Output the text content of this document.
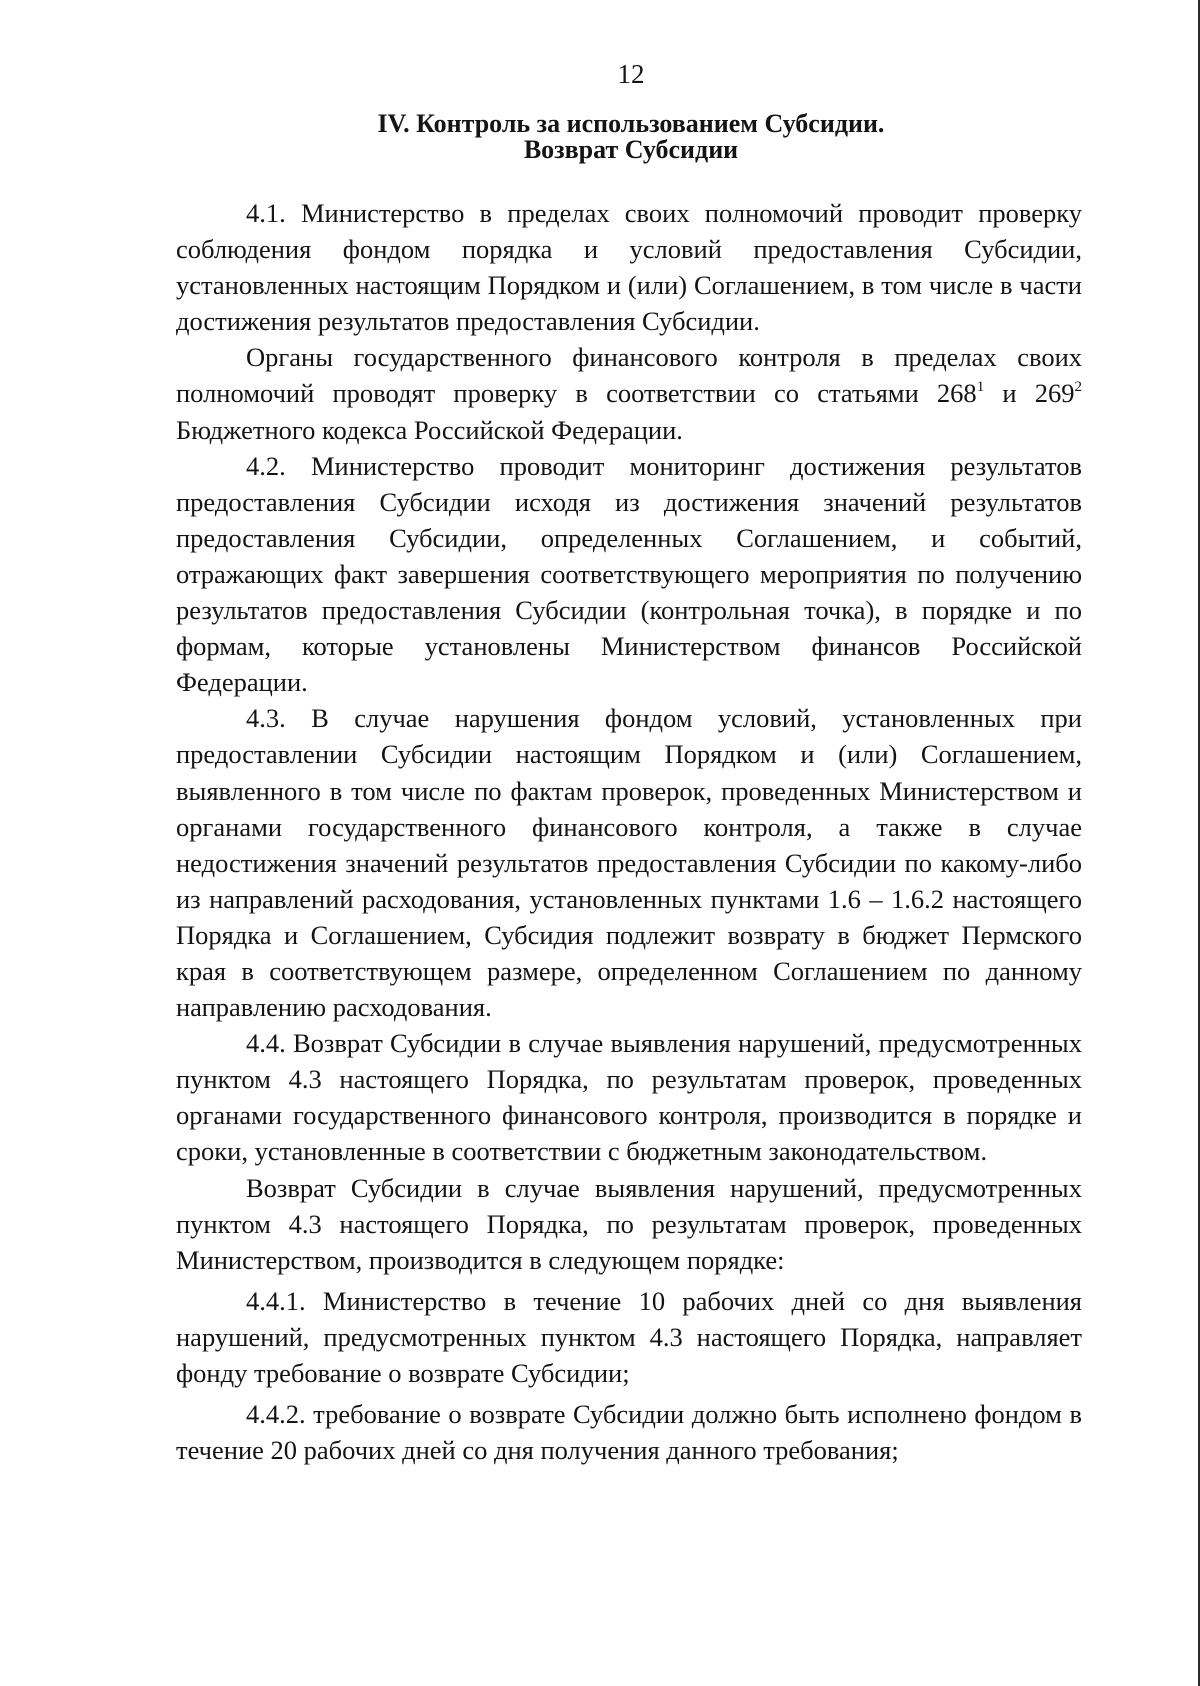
12
IV. Контроль за использованием Субсидии.
Возврат Субсидии

4.1. Министерство в пределах своих полномочий проводит проверку соблюдения фондом порядка и условий предоставления Субсидии, установленных настоящим Порядком и (или) Соглашением, в том числе в части достижения результатов предоставления Субсидии.

Органы государственного финансового контроля в пределах своих полномочий проводят проверку в соответствии со статьями $268^1$ и $269^2$ Бюджетного кодекса Российской Федерации.

4.2. Министерство проводит мониторинг достижения результатов предоставления Субсидии исходя из достижения значений результатов предоставления Субсидии, определенных Соглашением, и событий, отражающих факт завершения соответствующего мероприятия по получению результатов предоставления Субсидии (контрольная точка), в порядке и по формам, которые установлены Министерством финансов Российской Федерации.

4.3. В случае нарушения фондом условий, установленных при предоставлении Субсидии настоящим Порядком и (или) Соглашением, выявленного в том числе по фактам проверок, проведенных Министерством и органами государственного финансового контроля, а также в случае недостижения значений результатов предоставления Субсидии по какому-либо из направлений расходования, установленных пунктами 1.6 – 1.6.2 настоящего Порядка и Соглашением, Субсидия подлежит возврату в бюджет Пермского края в соответствующем размере, определенном Соглашением по данному направлению расходования.

4.4. Возврат Субсидии в случае выявления нарушений, предусмотренных пунктом 4.3 настоящего Порядка, по результатам проверок, проведенных органами государственного финансового контроля, производится в порядке и сроки, установленные в соответствии с бюджетным законодательством.

Возврат Субсидии в случае выявления нарушений, предусмотренных пунктом 4.3 настоящего Порядка, по результатам проверок, проведенных Министерством, производится в следующем порядке:

4.4.1. Министерство в течение 10 рабочих дней со дня выявления нарушений, предусмотренных пунктом 4.3 настоящего Порядка, направляет фонду требование о возврате Субсидии;

4.4.2. требование о возврате Субсидии должно быть исполнено фондом в течение 20 рабочих дней со дня получения данного требования;
